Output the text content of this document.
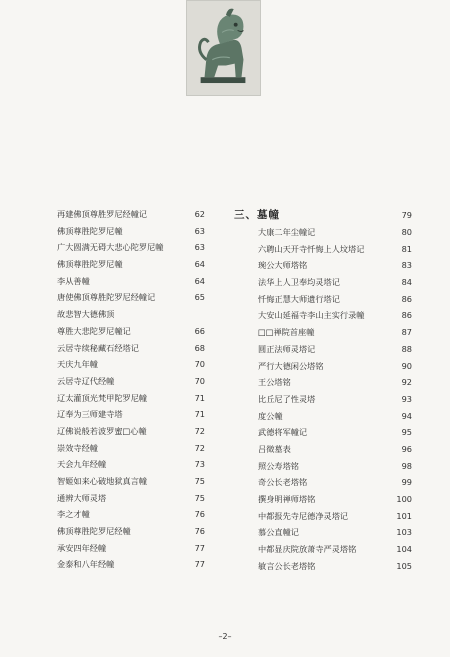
再建佛顶尊胜罗尼经幢记	62
佛顶尊胜陀罗尼幢	63
广大圆满无碍大悲心陀罗尼幢	63
佛顶尊胜陀罗尼幢	64
李从善幢	64
唐使佛顶尊胜陀罗尼经幢记	65
故悲智大德佛顶
尊胜大悲陀罗尼幢记	66
云居寺续秘藏石经塔记	68
天庆九年幢	70
云居寺辽代经幢	70
辽太灌顶光梵甲陀罗尼幢	71
辽奉为三师建寺塔	71
辽佛说般若波罗蜜□心幢	72
崇效寺经幢	72
天会九年经幢	73
智姬如来心破地狱真言幢	75
通辨大师灵塔	75
李之才幢	76
佛顶尊胜陀罗尼经幢	76
承安四年经幢	77
金泰和八年经幢	77
三、墓幢	79
大康二年尘幢记	80
六聘山天开寺忏悔上人坟塔记	81
琬公大师塔铭	83
法华上人卫奉均灵塔记	84
忏悔正慧大师遗行塔记	86
大安山延福寺李山主实行录幢	86
□□禅院首座幢	87
圆正法师灵塔记	88
严行大德闲公塔铭	90
王公塔铭	92
比丘尼了性灵塔	93
度公幢	94
武德将军幢记	95
吕徵墓表	96
照公寿塔铭	98
奇公长老塔铭	99
撰身明禅师塔铭	100
中都报先寺尼德净灵塔记	101
慕公直幢记	103
中都显庆院放萧寺严灵塔铭	104
敏言公长老塔铭	105
–2–
